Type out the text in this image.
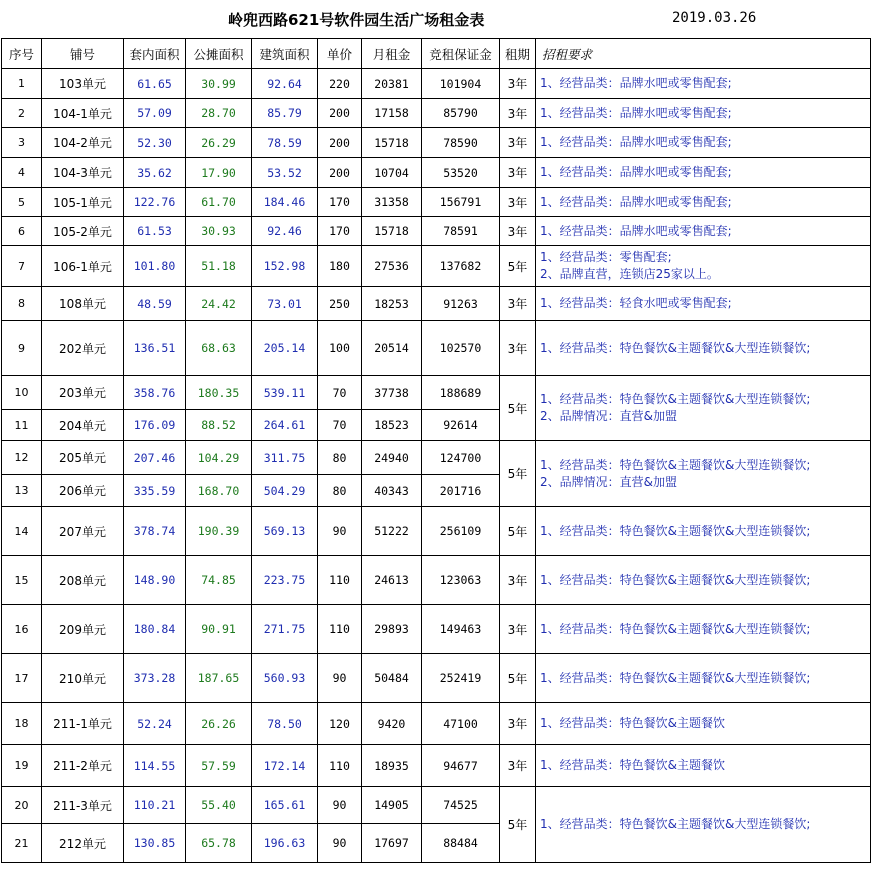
岭兜西路621号软件园生活广场租金表	2019.03.26
序号	铺号	套内面积	公摊面积	建筑面积	单价	月租金	竞租保证金	租期	招租要求
1	103单元	61.65	30.99	92.64	220	20381	101904	3年	1、经营品类：品牌水吧或零售配套;

2	104-1单元	57.09	28.70	85.79	200	17158	85790	3年	1、经营品类：品牌水吧或零售配套;

3	104-2单元	52.30	26.29	78.59	200	15718	78590	3年	1、经营品类：品牌水吧或零售配套;

4	104-3单元	35.62	17.90	53.52	200	10704	53520	3年	1、经营品类：品牌水吧或零售配套;

5	105-1单元	122.76	61.70	184.46	170	31358	156791	3年	1、经营品类：品牌水吧或零售配套;

6	105-2单元	61.53	30.93	92.46	170	15718	78591	3年	1、经营品类：品牌水吧或零售配套;

7	106-1单元	101.80	51.18	152.98	180	27536	137682	5年	1、经营品类：零售配套;
2、品牌直营，连锁店25家以上。

8	108单元	48.59	24.42	73.01	250	18253	91263	3年	1、经营品类：轻食水吧或零售配套;

9	202单元	136.51	68.63	205.14	100	20514	102570	3年	1、经营品类：特色餐饮&主题餐饮&大型连锁餐饮;

10	203单元	358.76	180.35	539.11	70	37738	188689	5年	1、经营品类：特色餐饮&主题餐饮&大型连锁餐饮;
2、品牌情况：直营&加盟

11	204单元	176.09	88.52	264.61	70	18523	92614		
12	205单元	207.46	104.29	311.75	80	24940	124700	5年	1、经营品类：特色餐饮&主题餐饮&大型连锁餐饮;
2、品牌情况：直营&加盟

13	206单元	335.59	168.70	504.29	80	40343	201716		
14	207单元	378.74	190.39	569.13	90	51222	256109	5年	1、经营品类：特色餐饮&主题餐饮&大型连锁餐饮;

15	208单元	148.90	74.85	223.75	110	24613	123063	3年	1、经营品类：特色餐饮&主题餐饮&大型连锁餐饮;

16	209单元	180.84	90.91	271.75	110	29893	149463	3年	1、经营品类：特色餐饮&主题餐饮&大型连锁餐饮;

17	210单元	373.28	187.65	560.93	90	50484	252419	5年	1、经营品类：特色餐饮&主题餐饮&大型连锁餐饮;

18	211-1单元	52.24	26.26	78.50	120	9420	47100	3年	1、经营品类：特色餐饮&主题餐饮

19	211-2单元	114.55	57.59	172.14	110	18935	94677	3年	1、经营品类：特色餐饮&主题餐饮

20	211-3单元	110.21	55.40	165.61	90	14905	74525	5年	1、经营品类：特色餐饮&主题餐饮&大型连锁餐饮;

21	212单元	130.85	65.78	196.63	90	17697	88484		
